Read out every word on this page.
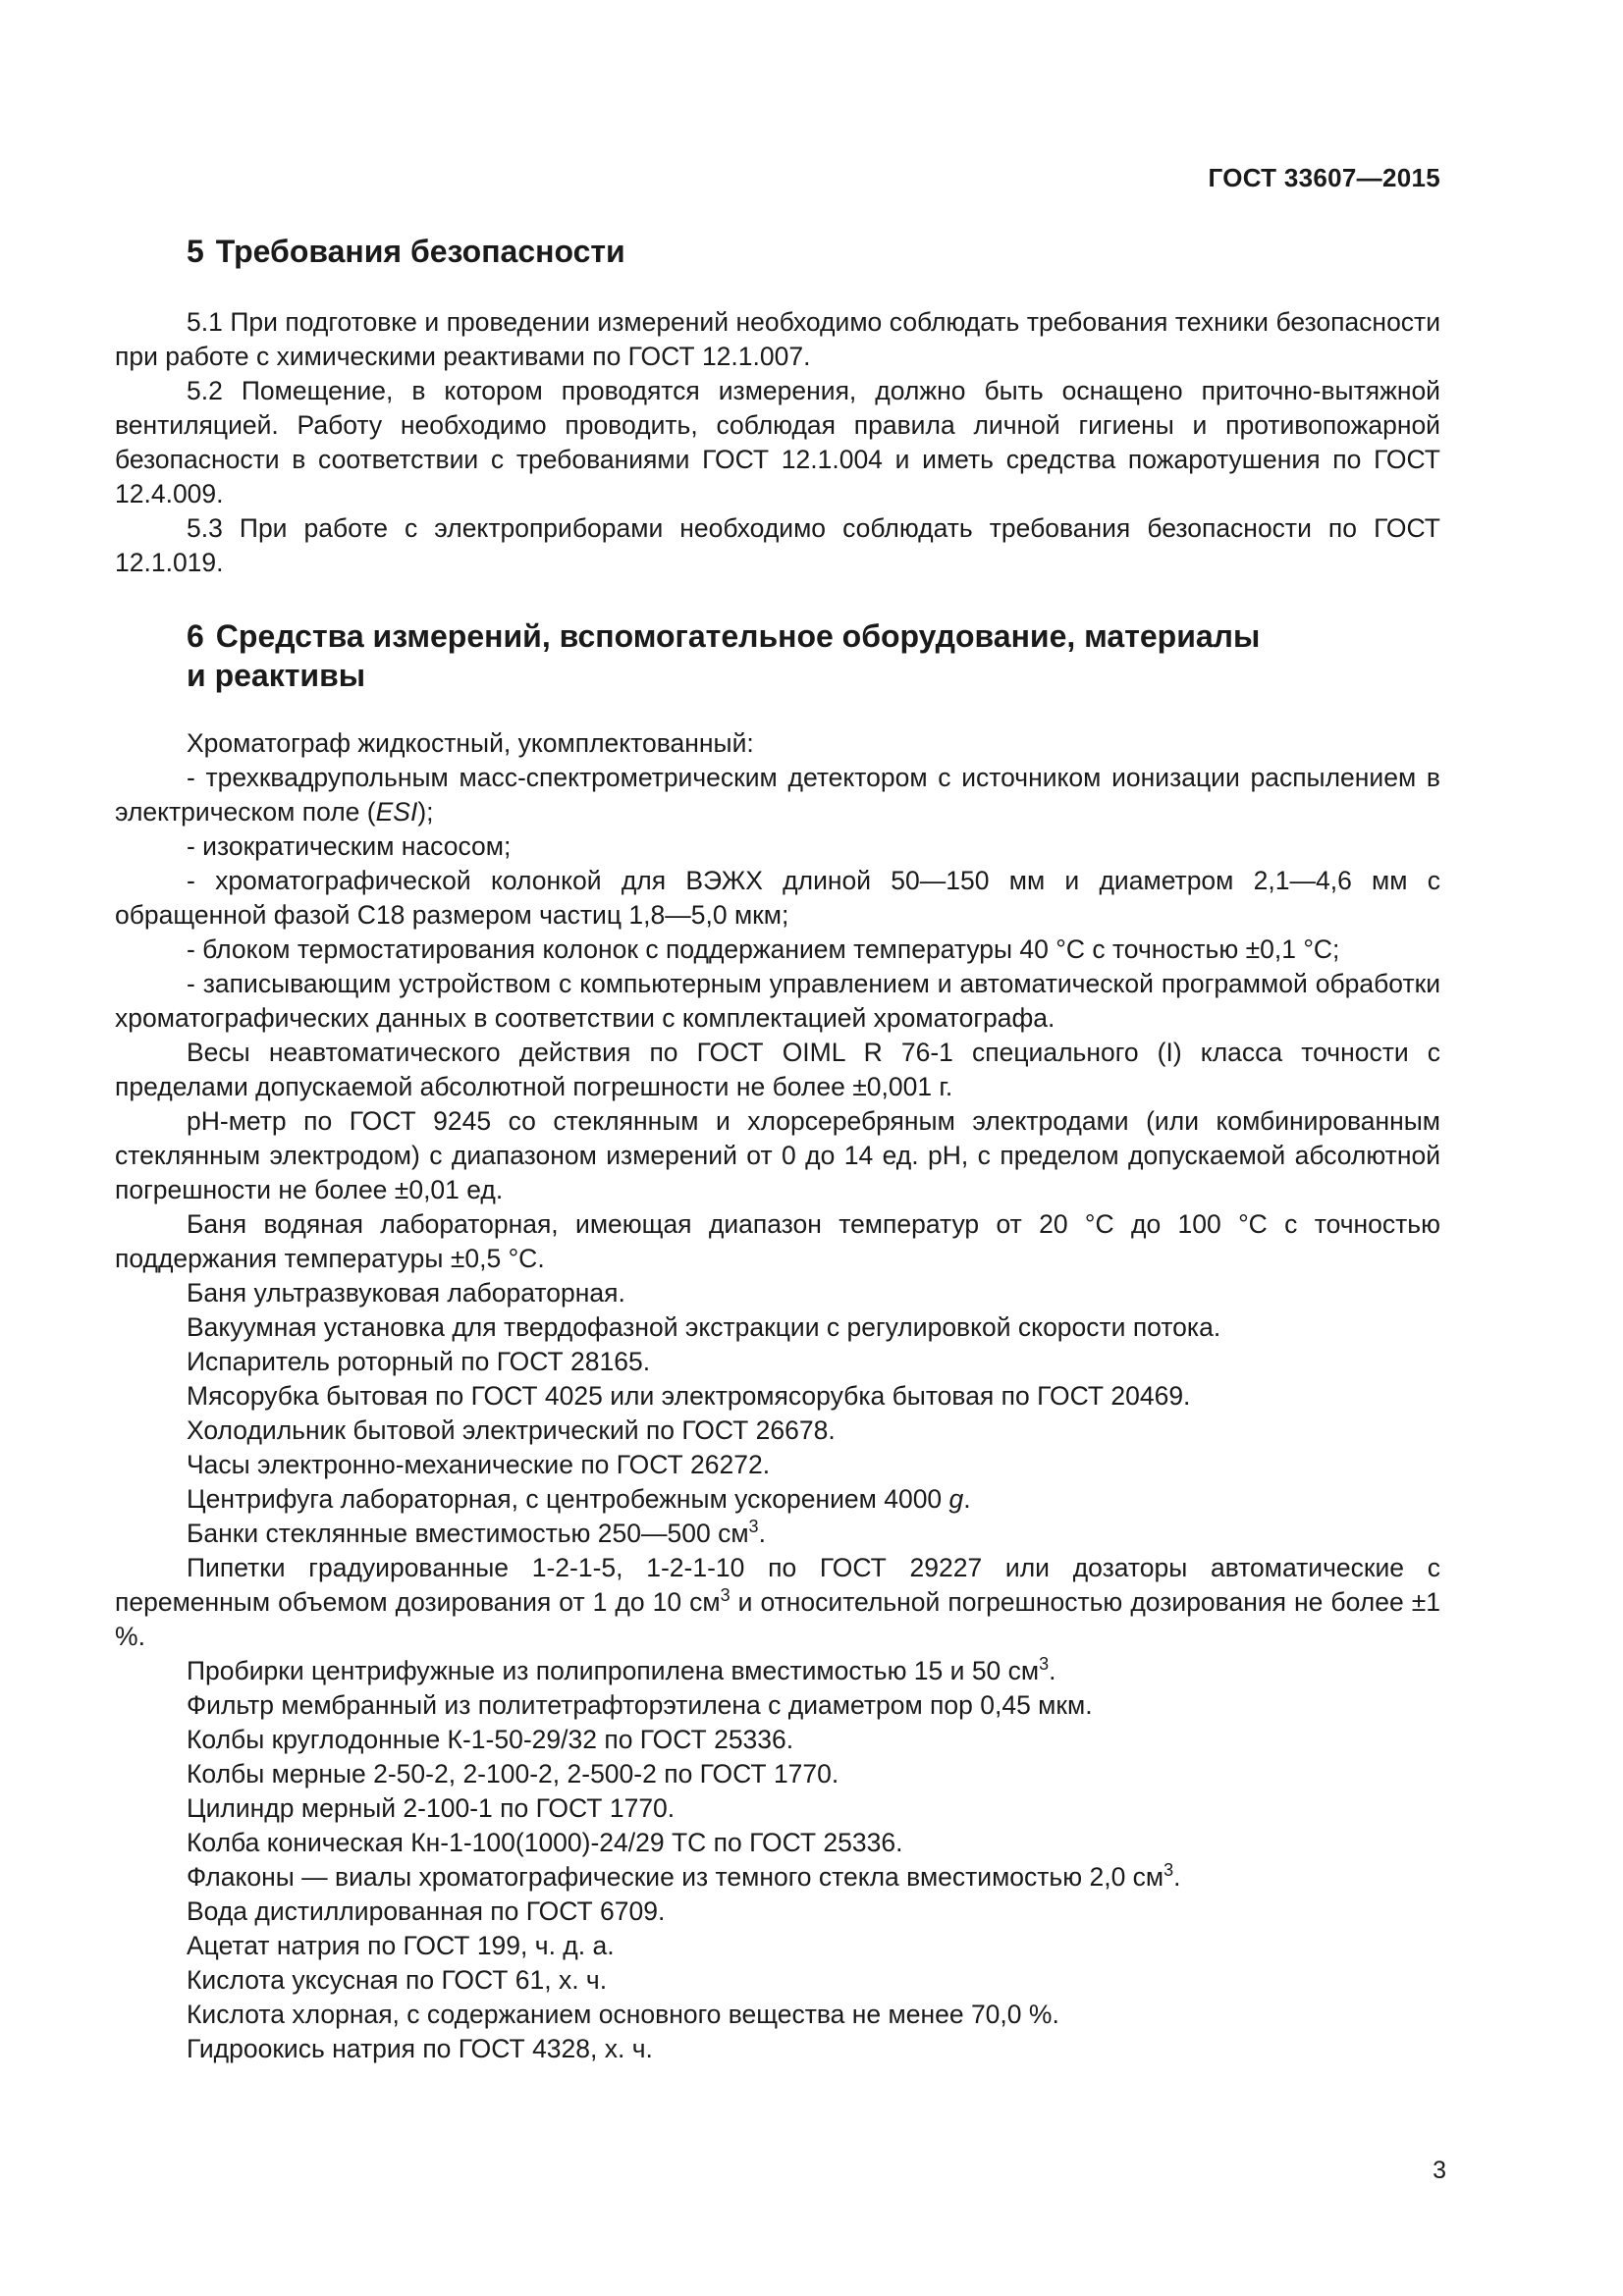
ГОСТ 33607—2015
5 Требования безопасности

5.1 При подготовке и проведении измерений необходимо соблюдать требования техники безопасности при работе с химическими реактивами по ГОСТ 12.1.007.

5.2 Помещение, в котором проводятся измерения, должно быть оснащено приточно-вытяжной вентиляцией. Работу необходимо проводить, соблюдая правила личной гигиены и противопожарной безопасности в соответствии с требованиями ГОСТ 12.1.004 и иметь средства пожаротушения по ГОСТ 12.4.009.

5.3 При работе с электроприборами необходимо соблюдать требования безопасности по ГОСТ 12.1.019.

6 Средства измерений, вспомогательное оборудование, материалы
и реактивы

Хроматограф жидкостный, укомплектованный:

- трехквадрупольным масс-спектрометрическим детектором с источником ионизации распылением в электрическом поле (ESI);

- изократическим насосом;

- хроматографической колонкой для ВЭЖХ длиной 50—150 мм и диаметром 2,1—4,6 мм с обращенной фазой С18 размером частиц 1,8—5,0 мкм;

- блоком термостатирования колонок с поддержанием температуры 40 °С с точностью ±0,1 °С;

- записывающим устройством с компьютерным управлением и автоматической программой обработки хроматографических данных в соответствии с комплектацией хроматографа.

Весы неавтоматического действия по ГОСТ OIML R 76-1 специального (I) класса точности с пределами допускаемой абсолютной погрешности не более ±0,001 г.

pH-метр по ГОСТ 9245 со стеклянным и хлорсеребряным электродами (или комбинированным стеклянным электродом) с диапазоном измерений от 0 до 14 ед. pH, с пределом допускаемой абсолютной погрешности не более ±0,01 ед.

Баня водяная лабораторная, имеющая диапазон температур от 20 °С до 100 °С с точностью поддержания температуры ±0,5 °С.

Баня ультразвуковая лабораторная.

Вакуумная установка для твердофазной экстракции с регулировкой скорости потока.

Испаритель роторный по ГОСТ 28165.

Мясорубка бытовая по ГОСТ 4025 или электромясорубка бытовая по ГОСТ 20469.

Холодильник бытовой электрический по ГОСТ 26678.

Часы электронно-механические по ГОСТ 26272.

Центрифуга лабораторная, с центробежным ускорением 4000 g.

Банки стеклянные вместимостью 250—500 $см^3$.

Пипетки градуированные 1-2-1-5, 1-2-1-10 по ГОСТ 29227 или дозаторы автоматические с переменным объемом дозирования от 1 до 10 $см^3$ и относительной погрешностью дозирования не более ±1 %.

Пробирки центрифужные из полипропилена вместимостью 15 и 50 $см^3$.

Фильтр мембранный из политетрафторэтилена с диаметром пор 0,45 мкм.

Колбы круглодонные К-1-50-29/32 по ГОСТ 25336.

Колбы мерные 2-50-2, 2-100-2, 2-500-2 по ГОСТ 1770.

Цилиндр мерный 2-100-1 по ГОСТ 1770.

Колба коническая Кн-1-100(1000)-24/29 ТС по ГОСТ 25336.

Флаконы — виалы хроматографические из темного стекла вместимостью 2,0 $см^3$.

Вода дистиллированная по ГОСТ 6709.

Ацетат натрия по ГОСТ 199, ч. д. а.

Кислота уксусная по ГОСТ 61, х. ч.

Кислота хлорная, с содержанием основного вещества не менее 70,0 %.

Гидроокись натрия по ГОСТ 4328, х. ч.

3
